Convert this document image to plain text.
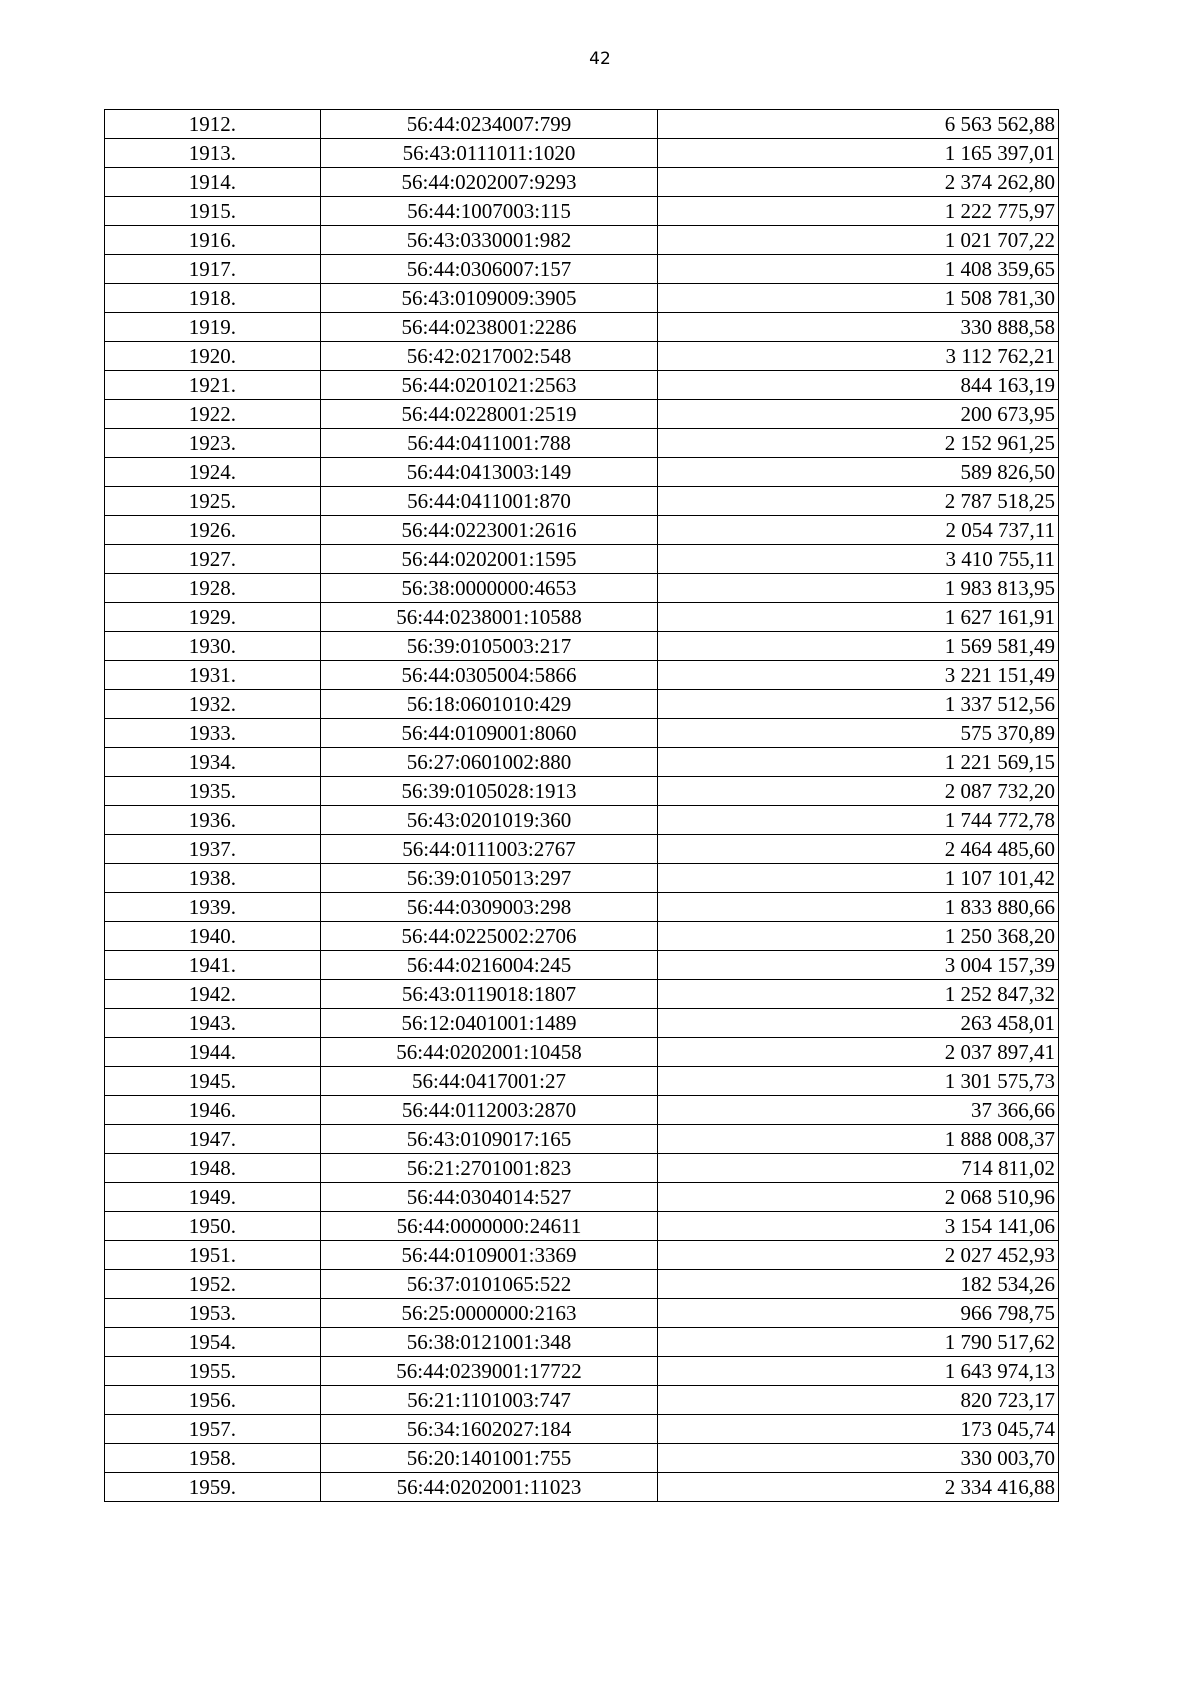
42
1912.	56:44:0234007:799	6 563 562,88
1913.	56:43:0111011:1020	1 165 397,01
1914.	56:44:0202007:9293	2 374 262,80
1915.	56:44:1007003:115	1 222 775,97
1916.	56:43:0330001:982	1 021 707,22
1917.	56:44:0306007:157	1 408 359,65
1918.	56:43:0109009:3905	1 508 781,30
1919.	56:44:0238001:2286	330 888,58
1920.	56:42:0217002:548	3 112 762,21
1921.	56:44:0201021:2563	844 163,19
1922.	56:44:0228001:2519	200 673,95
1923.	56:44:0411001:788	2 152 961,25
1924.	56:44:0413003:149	589 826,50
1925.	56:44:0411001:870	2 787 518,25
1926.	56:44:0223001:2616	2 054 737,11
1927.	56:44:0202001:1595	3 410 755,11
1928.	56:38:0000000:4653	1 983 813,95
1929.	56:44:0238001:10588	1 627 161,91
1930.	56:39:0105003:217	1 569 581,49
1931.	56:44:0305004:5866	3 221 151,49
1932.	56:18:0601010:429	1 337 512,56
1933.	56:44:0109001:8060	575 370,89
1934.	56:27:0601002:880	1 221 569,15
1935.	56:39:0105028:1913	2 087 732,20
1936.	56:43:0201019:360	1 744 772,78
1937.	56:44:0111003:2767	2 464 485,60
1938.	56:39:0105013:297	1 107 101,42
1939.	56:44:0309003:298	1 833 880,66
1940.	56:44:0225002:2706	1 250 368,20
1941.	56:44:0216004:245	3 004 157,39
1942.	56:43:0119018:1807	1 252 847,32
1943.	56:12:0401001:1489	263 458,01
1944.	56:44:0202001:10458	2 037 897,41
1945.	56:44:0417001:27	1 301 575,73
1946.	56:44:0112003:2870	37 366,66
1947.	56:43:0109017:165	1 888 008,37
1948.	56:21:2701001:823	714 811,02
1949.	56:44:0304014:527	2 068 510,96
1950.	56:44:0000000:24611	3 154 141,06
1951.	56:44:0109001:3369	2 027 452,93
1952.	56:37:0101065:522	182 534,26
1953.	56:25:0000000:2163	966 798,75
1954.	56:38:0121001:348	1 790 517,62
1955.	56:44:0239001:17722	1 643 974,13
1956.	56:21:1101003:747	820 723,17
1957.	56:34:1602027:184	173 045,74
1958.	56:20:1401001:755	330 003,70
1959.	56:44:0202001:11023	2 334 416,88
